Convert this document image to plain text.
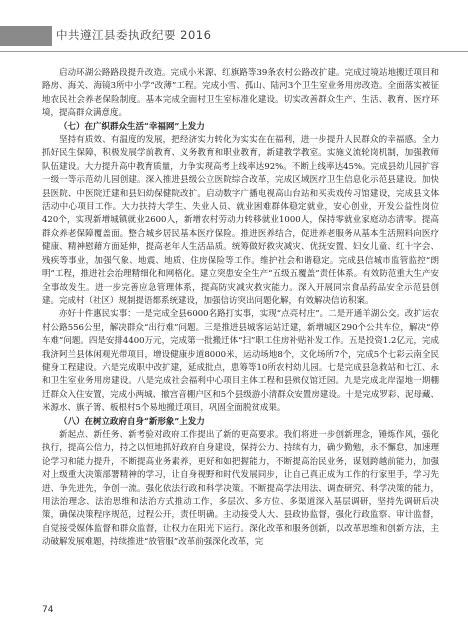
中共遵江县委执政纪要 2016

启动环湖公路路段提升改造。完成小米源、红旗路等39条农村公路改扩建。完成过境站地搬迁项目和路房、海关、海镜3所中小学“改薄”工程。完成小雪、孤山、陆河3个卫生室业务用房改造。全面落实被征地农民社会养老保险制度。基本完成全面村卫生室标准化建设。切实改善群众生产、生活、教育、医疗环境，提高群众满意度。

（七）在广织群众生活“幸福网”上发力

坚持有质效、有温度的发展，把经济实力转化为实实在在福利，进一步提升人民群众的幸福感。全力抓好民生保障，积极发展学前教育、义务教育和职业教育，新建教学教室。实施义流轮岗机制，加强教师队伍建设。大力提升高中教育质量，力争实现高考上线率达92%。不断上线率达45%。完成县幼儿园扩容一级一等示范幼儿园创建。深入推进县级公立医院综合改革，完成区域医疗卫生信息化示范县建设。加快县医院、中医院迁建和县妇幼保健院改扩。启动数字广播电视高山台站和买卖戏传习馆建设，完成县文体活动中心项目工作。大力扶持大学生、失业人员、就业困难群体稳定就业，安心创业，开发公益性岗位420个，实现新增城镇就业2600人，新增农村劳动力转移就业1000人，保持零就业家庭动态清零。提高群众养老保障覆盖面。整合城乡居民基本医疗保险。推进医养结合，促进养老服务从基本生活照料向医疗健康、精神慰藉方面延伸，提高老年人生活品质。统筹做好救灾减灾、优抚安置、妇女儿童、红十字会、残疾等事业，加强气象、地震、地质、住房保险等工作。维护社会和谐稳定。完成县信城市监管监控“朗明”工程，推进社会治理精细化和网格化。建立突患安全生产“五级五覆盖”责任体系。有效防范重大生产安全事故发生。进一步完善应急管理体系，提高防灾减灾救灾能力。深入开展同宗食品药品安全示范县创建。完成村（社区）规制提语都系统建设，加强信访突出问题化解，有效解决信访积案。

亦好十件惠民实事：一是完成全县6000名路打实事，实现“点亮村庄”。二是开通羊湖公交。改扩运农村公路556公里，解决群众“出行难”问题。三是推进县城客运站迁建，新增城区290个公共车位，解决“停车难”问题。四是安排4400万元，完成第一批搬迁体“扫”职工住房补贴补发工作。五是投资1.2亿元，完成我济阿兰县体闲观光带项目，增设健康步道8000米，运动场地8个，文化场所7个，完成5个七彩云南全民健身工程建设。六是完成职中改扩建，延成批点，患筹等10所农村幼儿园。七是完成县急救站和七江、永和卫生室业务用房建设。八是完成社会福利中心项目主体工程和县殡仪馆迁园。九是完成北岸湿地一期棚迁群众入住安置，完成小两城、撤宫音棚户区和5个县级游小清群众安置房建设。十是完成罗彩、泥母藏、米源水、旗子箐、板根村5个易地搬迁项目，巩固全面脱贫成果。

（八）在树立政府自身“新形象”上发力

新起点、新任务、新考验对政府工作提出了新的更高要求。我们将进一步创新理念，锤炼作风，强化执行，提高公信力，持之以恒地抓好政府自身建设，保持公力、持续有力，确少勤勉，永不懈怠，加速理论学习和能力提升，不断提高业务素养，更好和如把握能力，不断提高治民业务，谋划跨越前能力，加强对上级重大决策部署精神的学习，让自身视野和时代发展同步，让自己真正成为工作的行家里手，学习先进、争先进先，争创一流。强化依法行政和科学决策。不断提高学法用法、调查研究、科学决策的能力，用法治理念、法治思维和法治方式推动工作，多层次、多方位、多渠道深入基层调研，坚持先调研后决策，确保决策程序规范，过程公开，责任明确。主动接受人大、县政协监督，强化行政监察、审计监督，自觉接受媒体监督和群众监督，让权力在阳光下运行。深化改革和服务创新，以改革思维和创新方法，主动破解发展难题，持续推进“放管服”改革前强深化改革，完

74
